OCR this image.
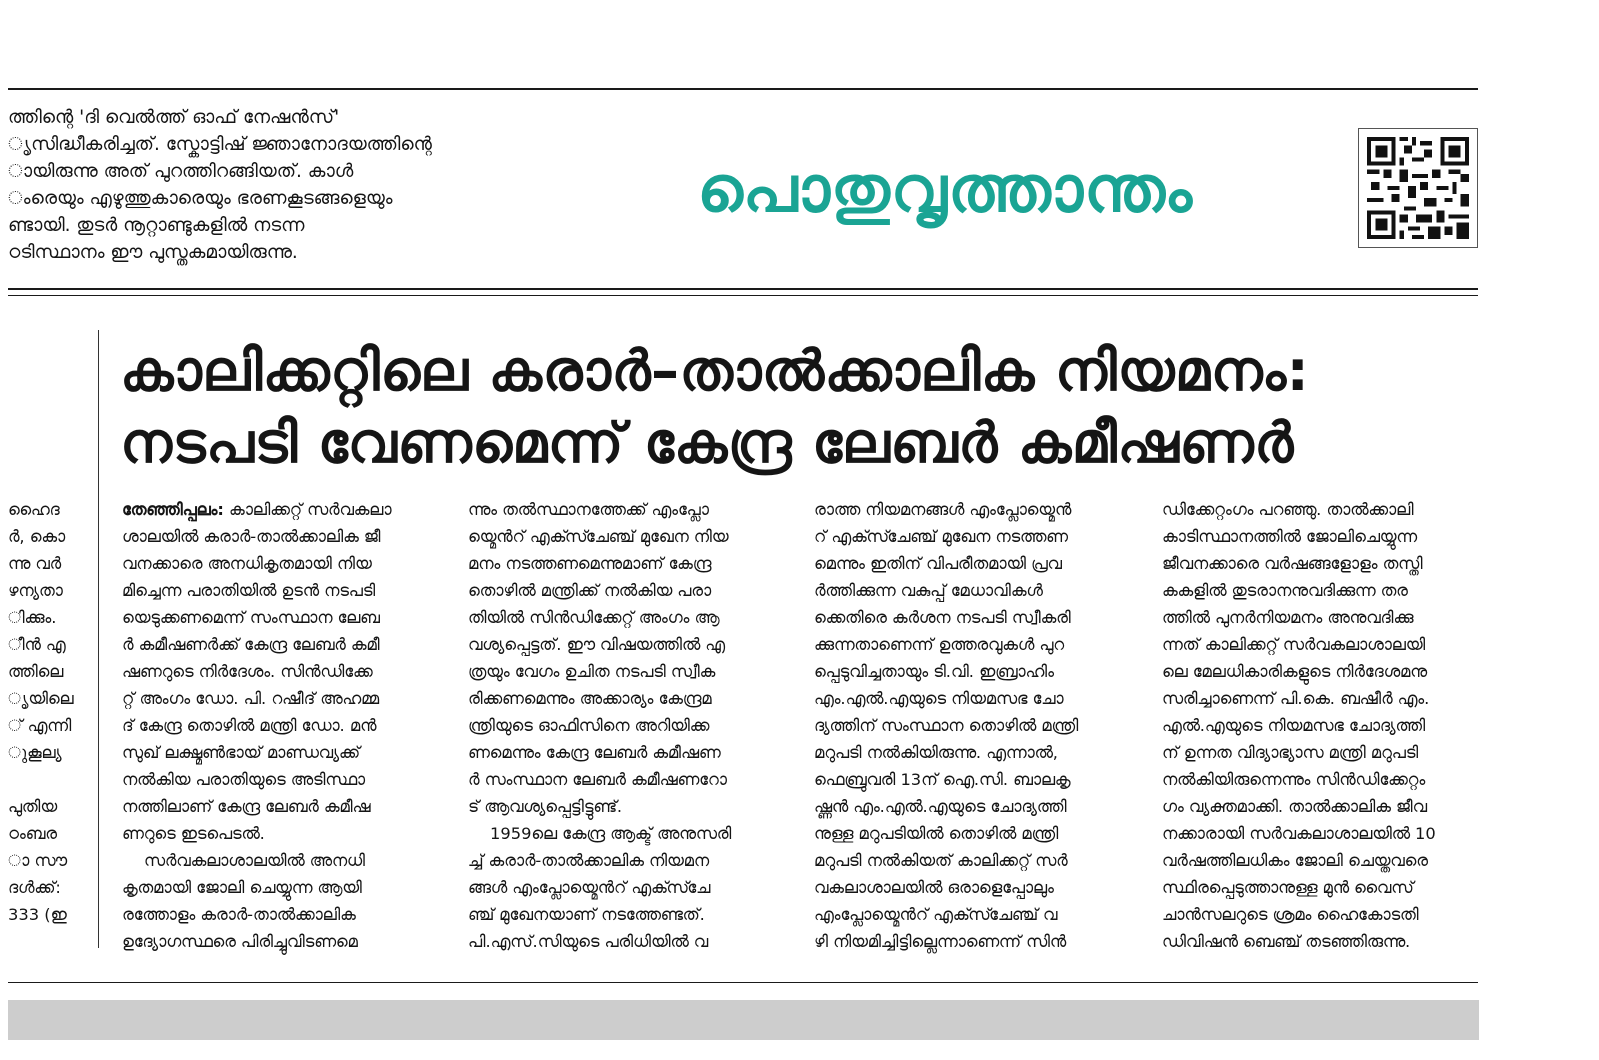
ത്തിന്റെ 'ദി വെൽത്ത് ഓഫ് നേഷൻസ്'
ൃസിദ്ധീകരിച്ചത്. സ്കോട്ടിഷ് ജ്ഞാനോദയത്തിന്റെ
ായിരുന്നു അത് പുറത്തിറങ്ങിയത്. കാൾ
ംരെയും എഴുത്തുകാരെയും ഭരണകൂടങ്ങളെയും
ണ്ടായി. തുടർ നൂറ്റാണ്ടുകളിൽ നടന്ന
ഠടിസ്ഥാനം ഈ പുസ്തകമായിരുന്നു.
പൊതുവൃത്താന്തം
ഹൈദ
ർ, കൊ
ന്നു വർ
ഴന്യതാ
ിക്കും.
ീൻ എ
ത്തിലെ
ൃയിലെ
് എന്നി
ുകൂല്യ
പുതിയ
ഠംബര
ാ സൗ
ദൾക്ക്:
333 (ഇ
കാലിക്കറ്റിലെ കരാർ–താൽക്കാലിക നിയമനം:
നടപടി വേണമെന്ന് കേന്ദ്ര ലേബർ കമീഷണർ
തേഞ്ഞിപ്പലം: കാലിക്കറ്റ് സർവകലാ
ശാലയിൽ കരാർ-താൽക്കാലിക ജീ
വനക്കാരെ അനധികൃതമായി നിയ
മിച്ചെന്ന പരാതിയിൽ ഉടൻ നടപടി
യെടുക്കണമെന്ന് സംസ്ഥാന ലേബ
ർ കമീഷണർക്ക് കേന്ദ്ര ലേബർ കമീ
ഷണറുടെ നിർദേശം. സിൻഡിക്കേ
റ്റ് അംഗം ഡോ. പി. റഷീദ് അഹമ്മ
ദ് കേന്ദ്ര തൊഴിൽ മന്ത്രി ഡോ. മൻ
സുഖ് ലക്ഷ്മൺഭായ് മാണ്ഡവ്യക്ക്
നൽകിയ പരാതിയുടെ അടിസ്ഥാ
നത്തിലാണ് കേന്ദ്ര ലേബർ കമീഷ
ണറുടെ ഇടപെടൽ.
സർവകലാശാലയിൽ അനധി
കൃതമായി ജോലി ചെയ്യുന്ന ആയി
രത്തോളം കരാർ-താൽക്കാലിക
ഉദ്യോഗസ്ഥരെ പിരിച്ചുവിടണമെ
ന്നും തൽസ്ഥാനത്തേക്ക് എംപ്ലോ
യ്മെൻറ് എക്സ്ചേഞ്ച് മുഖേന നിയ
മനം നടത്തണമെന്നുമാണ് കേന്ദ്ര
തൊഴിൽ മന്ത്രിക്ക് നൽകിയ പരാ
തിയിൽ സിൻഡിക്കേറ്റ് അംഗം ആ
വശ്യപ്പെട്ടത്. ഈ വിഷയത്തിൽ എ
ത്രയും വേഗം ഉചിത നടപടി സ്വീക
രിക്കണമെന്നും അക്കാര്യം കേന്ദ്രമ
ന്ത്രിയുടെ ഓഫിസിനെ അറിയിക്ക
ണമെന്നും കേന്ദ്ര ലേബർ കമീഷണ
ർ സംസ്ഥാന ലേബർ കമീഷണറോ
ട് ആവശ്യപ്പെട്ടിട്ടുണ്ട്.
1959ലെ കേന്ദ്ര ആക്ട് അനുസരി
ച്ച് കരാർ-താൽക്കാലിക നിയമന
ങ്ങൾ എംപ്ലോയ്മെൻറ് എക്സ്ചേ
ഞ്ച് മുഖേനയാണ് നടത്തേണ്ടത്.
പി.എസ്.സിയുടെ പരിധിയിൽ വ
രാത്ത നിയമനങ്ങൾ എംപ്ലോയ്മെൻ
റ് എക്സ്ചേഞ്ച് മുഖേന നടത്തണ
മെന്നും ഇതിന് വിപരീതമായി പ്രവ
ർത്തിക്കുന്ന വകുപ്പ് മേധാവികൾ
ക്കെതിരെ കർശന നടപടി സ്വീകരി
ക്കുന്നതാണെന്ന് ഉത്തരവുകൾ പുറ
പ്പെടുവിച്ചതായും ടി.വി. ഇബ്രാഹിം
എം.എൽ.എയുടെ നിയമസഭ ചോ
ദ്യത്തിന് സംസ്ഥാന തൊഴിൽ മന്ത്രി
മറുപടി നൽകിയിരുന്നു. എന്നാൽ,
ഫെബ്രുവരി 13ന് ഐ.സി. ബാലകൃ
ഷ്ണൻ എം.എൽ.എയുടെ ചോദ്യത്തി
നുള്ള മറുപടിയിൽ തൊഴിൽ മന്ത്രി
മറുപടി നൽകിയത് കാലിക്കറ്റ് സർ
വകലാശാലയിൽ ഒരാളെപ്പോലും
എംപ്ലോയ്മെൻറ് എക്സ്ചേഞ്ച് വ
ഴി നിയമിച്ചിട്ടില്ലെന്നാണെന്ന് സിൻ
ഡിക്കേറ്റംഗം പറഞ്ഞു. താൽക്കാലി
കാടിസ്ഥാനത്തിൽ ജോലിചെയ്യുന്ന
ജീവനക്കാരെ വർഷങ്ങളോളം തസ്തി
കകളിൽ തുടരാനനുവദിക്കുന്ന തര
ത്തിൽ പുനർനിയമനം അനുവദിക്കു
ന്നത് കാലിക്കറ്റ് സർവകലാശാലയി
ലെ മേലധികാരികളുടെ നിർദേശമനു
സരിച്ചാണെന്ന് പി.കെ. ബഷീർ എം.
എൽ.എയുടെ നിയമസഭ ചോദ്യത്തി
ന് ഉന്നത വിദ്യാഭ്യാസ മന്ത്രി മറുപടി
നൽകിയിരുന്നെന്നും സിൻഡിക്കേറ്റം
ഗം വ്യക്തമാക്കി. താൽക്കാലിക ജീവ
നക്കാരായി സർവകലാശാലയിൽ 10
വർഷത്തിലധികം ജോലി ചെയ്തവരെ
സ്ഥിരപ്പെടുത്താനുള്ള മുൻ വൈസ്
ചാൻസലറുടെ ശ്രമം ഹൈകോടതി
ഡിവിഷൻ ബെഞ്ച് തടഞ്ഞിരുന്നു.
